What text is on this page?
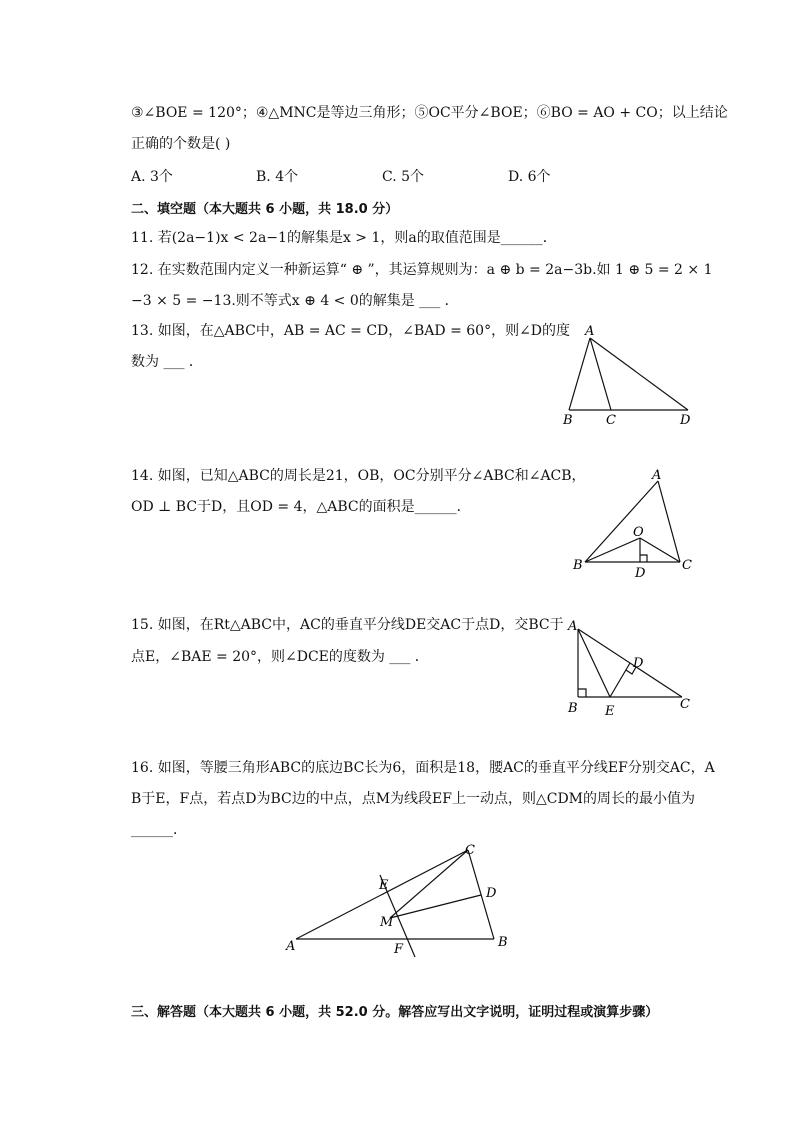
③∠BOE = 120°；④△MNC是等边三角形；⑤OC平分∠BOE；⑥BO = AO + CO；以上结论
正确的个数是( )
A. 3个	B. 4个	C. 5个	D. 6个
二、填空题（本大题共 6 小题，共 18.0 分）
11. 若(2a−1)x < 2a−1的解集是x > 1，则a的取值范围是______．
12. 在实数范围内定义一种新运算“ ⊕ ”，其运算规则为：a ⊕ b = 2a−3b.如 1 ⊕ 5 = 2 × 1
−3 × 5 = −13.则不等式x ⊕ 4 < 0的解集是 ___ ．
13. 如图，在△ABC中，AB = AC = CD，∠BAD = 60°，则∠D的度
数为 ___ ．
A
B	C	D
14. 如图，已知△ABC的周长是21，OB，OC分别平分∠ABC和∠ACB，
OD ⊥ BC于D，且OD = 4，△ABC的面积是______．
A
B	C
D
O
15. 如图，在Rt△ABC中，AC的垂直平分线DE交AC于点D，交BC于
点E，∠BAE = 20°，则∠DCE的度数为 ___ ．
A
B	C
D
E
16. 如图，等腰三角形ABC的底边BC长为6，面积是18，腰AC的垂直平分线EF分别交AC，A
B于E，F点，若点D为BC边的中点，点M为线段EF上一动点，则△CDM的周长的最小值为
______．
C
E
D
M
A	F	B
三、解答题（本大题共 6 小题，共 52.0 分。解答应写出文字说明，证明过程或演算步骤）
